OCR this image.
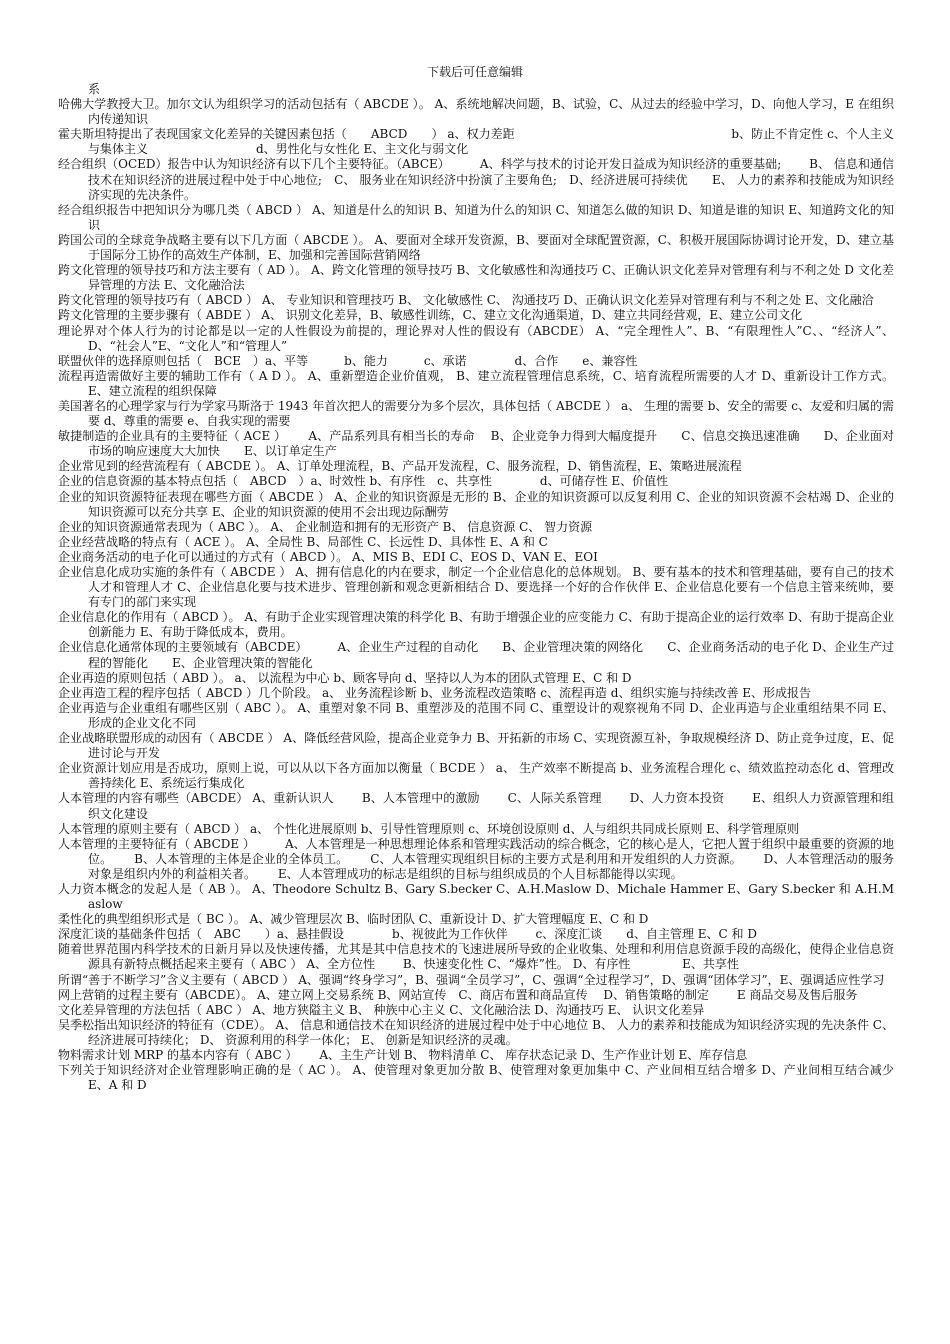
下载后可任意编辑

系

哈佛大学教授大卫。加尔文认为组织学习的活动包括有（ ABCDE ）。 A、系统地解决问题，B、试验，C、从过去的经验中学习，D、向他人学习，E 在组织内传递知识

霍夫斯坦特提出了表现国家文化差异的关键因素包括（　　ABCD　　） a、权力差距　　　　　　　　　　　　　　　　　　b、防止不肯定性 c、个人主义与集体主义　　　　　　　　　d、男性化与女性化 E、主文化与弱文化

经合组织（OCED）报告中认为知识经济有以下几个主要特征。（ABCE）　　　A、科学与技术的讨论开发日益成为知识经济的重要基础;　　 B、 信息和通信技术在知识经济的进展过程中处于中心地位;　C、 服务业在知识经济中扮演了主要角色;　D、经济进展可持续优　　E、 人力的素养和技能成为知识经济实现的先决条件。

经合组织报告中把知识分为哪几类（ ABCD ） A、知道是什么的知识 B、知道为什么的知识 C、知道怎么做的知识 D、知道是谁的知识 E、知道跨文化的知识

跨国公司的全球竞争战略主要有以下几方面（ ABCDE ）。 A、要面对全球开发资源，B、要面对全球配置资源，C、积极开展国际协调讨论开发，D、建立基于国际分工协作的高效生产体制，E、加强和完善国际营销网络

跨文化管理的领导技巧和方法主要有（ AD ）。 A、跨文化管理的领导技巧 B、文化敏感性和沟通技巧 C、正确认识文化差异对管理有利与不利之处 D 文化差异管理的方法 E、文化融洽法

跨文化管理的领导技巧有（ ABCD ） A、 专业知识和管理技巧 B、 文化敏感性 C、 沟通技巧 D、正确认识文化差异对管理有利与不利之处 E、文化融洽

跨文化管理的主要步骤有（ ABDE ） A、 识别文化差异，B、敏感性训练，C、建立文化沟通渠道，D、建立共同经营观，E、建立公司文化

理论界对个体人行为的讨论都是以一定的人性假设为前提的，理论界对人性的假设有（ABCDE） A、“完全理性人”、B、“有限理性人”C、、“经济人”、D、“社会人”E、“文化人”和“管理人”

联盟伙伴的选择原则包括（　BCE　）a、平等　　　b、能力　　　c、承诺　　　　d、合作　　e、兼容性

流程再造需做好主要的辅助工作有（ A D ）。 A、重新塑造企业价值观， B、建立流程管理信息系统，C、培育流程所需要的人才 D、重新设计工作方式。E、建立流程的组织保障

美国著名的心理学家与行为学家马斯洛于 1943 年首次把人的需要分为多个层次，具体包括（ ABCDE ） a、 生理的需要 b、安全的需要 c、友爱和归属的需要 d、尊重的需要 e、自我实现的需要

敏捷制造的企业具有的主要特征（ ACE ）　　 A、产品系列具有相当长的寿命　 B、企业竞争力得到大幅度提升　　C、信息交换迅速准确　　D、企业面对市场的响应速度大大加快　　E、以订单定生产

企业常见到的经营流程有（ ABCDE ）。 A、订单处理流程，B、产品开发流程，C、服务流程，D、销售流程，E、策略进展流程

企业的信息资源的基本特点包括（　ABCD　）a、时效性 b、有序性　c、共享性　　　　d、可储存性 E、价值性

企业的知识资源特征表现在哪些方面（ ABCDE ） A、企业的知识资源是无形的 B、企业的知识资源可以反复利用 C、企业的知识资源不会枯竭 D、企业的知识资源可以充分共享 E、企业的知识资源的使用不会出现边际酬劳

企业的知识资源通常表现为（ ABC ）。 A、 企业制造和拥有的无形资产 B、 信息资源 C、 智力资源

企业经营战略的特点有（ ACE ）。 A、全局性 B、局部性 C、长远性 D、具体性 E、A 和 C

企业商务活动的电子化可以通过的方式有（ ABCD ）。 A、MIS B、EDI C、EOS D、VAN E、EOI

企业信息化成功实施的条件有（ ABCDE ） A、拥有信息化的内在要求，制定一个企业信息化的总体规划。 B、要有基本的技术和管理基础，要有自己的技术人才和管理人才 C、企业信息化要与技术进步、管理创新和观念更新相结合 D、要选择一个好的合作伙伴 E、企业信息化要有一个信息主管来统帅，要有专门的部门来实现

企业信息化的作用有（ ABCD ）。 A、有助于企业实现管理决策的科学化 B、有助于增强企业的应变能力 C、有助于提高企业的运行效率 D、有助于提高企业创新能力 E、有助于降低成本，费用。

企业信息化通常体现的主要领域有（ABCDE）　　　A、企业生产过程的自动化　　B、企业管理决策的网络化　　C、企业商务活动的电子化 D、企业生产过程的智能化　　E、企业管理决策的智能化

企业再造的原则包括（ ABD ）。 a、 以流程为中心 b、顾客导向 d、坚持以人为本的团队式管理 E、C 和 D

企业再造工程的程序包括（ ABCD ）几个阶段。 a、 业务流程诊断 b、业务流程改造策略 c、流程再造 d、组织实施与持续改善 E、形成报告

企业再造与企业重组有哪些区别（ ABC ）。 A、重塑对象不同 B、重塑涉及的范围不同 C、重塑设计的观察视角不同 D、企业再造与企业重组结果不同 E、形成的企业文化不同

企业战略联盟形成的动因有（ ABCDE ） A、降低经营风险，提高企业竞争力 B、开拓新的市场 C、实现资源互补，争取规模经济 D、防止竞争过度，E、促进讨论与开发

企业资源计划应用是否成功，原则上说，可以从以下各方面加以衡量（ BCDE ） a、 生产效率不断提高 b、业务流程合理化 c、绩效监控动态化 d、管理改善持续化 E、系统运行集成化

人本管理的内容有哪些（ABCDE） A、重新认识人　　 B、人本管理中的激励　　 C、人际关系管理　　 D、人力资本投资　　 E、组织人力资源管理和组织文化建设

人本管理的原则主要有（ ABCD ） a、 个性化进展原则 b、引导性管理原则 c、环境创设原则 d、人与组织共同成长原则 E、科学管理原则

人本管理的主要特征有（ ABCDE ）　　　A、人本管理是一种思想理论体系和管理实践活动的综合概念，它的核心是人，它把人置于组织中最重要的资源的地位。　　 B、人本管理的主体是企业的全体员工。　　 C、人本管理实现组织目标的主要方式是利用和开发组织的人力资源。　　 D、人本管理活动的服务对象是组织内外的利益相关者。　　 E、人本管理成功的标志是组织的目标与组织成员的个人目标都能得以实现。

人力资本概念的发起人是（ AB ）。 A、Theodore Schultz B、Gary S.becker C、A.H.Maslow D、Michale Hammer E、Gary S.becker 和 A.H.Maslow

柔性化的典型组织形式是（ BC ）。 A、减少管理层次 B、临时团队 C、重新设计 D、扩大管理幅度 E、C 和 D

深度汇谈的基础条件包括（　ABC　　）a、悬挂假设　　　　b、视彼此为工作伙伴　　 c、深度汇谈　　d、自主管理 E、C 和 D

随着世界范围内科学技术的日新月异以及快速传播，尤其是其中信息技术的飞速进展所导致的企业收集、处理和利用信息资源手段的高级化，使得企业信息资源具有新特点概括起来主要有（ ABC ） A、全方位性　　 B、快速变化性 C、“爆炸”性。 D、有序性　　　　 E、共享性

所谓“善于不断学习”含义主要有（ ABCD ） A、强调“终身学习”，B、强调“全员学习”，C、强调“全过程学习”，D、强调“团体学习”，E、强调适应性学习

网上营销的过程主要有（ABCDE）。 A、建立网上交易系统 B、网站宣传　C、商店布置和商品宣传　 D、销售策略的制定　　 E 商品交易及售后服务

文化差异管理的方法包括（ ABC ） A、地方狭隘主义 B、 种族中心主义 C、文化融洽法 D、沟通技巧 E、 认识文化差异

吴季松指出知识经济的特征有（CDE）。 A、 信息和通信技术在知识经济的进展过程中处于中心地位 B、 人力的素养和技能成为知识经济实现的先决条件 C、 经济进展可持续化； D、 资源利用的科学一体化； E、 创新是知识经济的灵魂。

物料需求计划 MRP 的基本内容有（ ABC ）　　 A、主生产计划 B、 物料清单 C、 库存状态记录 D、生产作业计划 E、库存信息

下列关于知识经济对企业管理影响正确的是（ AC ）。 A、使管理对象更加分散 B、使管理对象更加集中 C、产业间相互结合增多 D、产业间相互结合减少 E、A 和 D
